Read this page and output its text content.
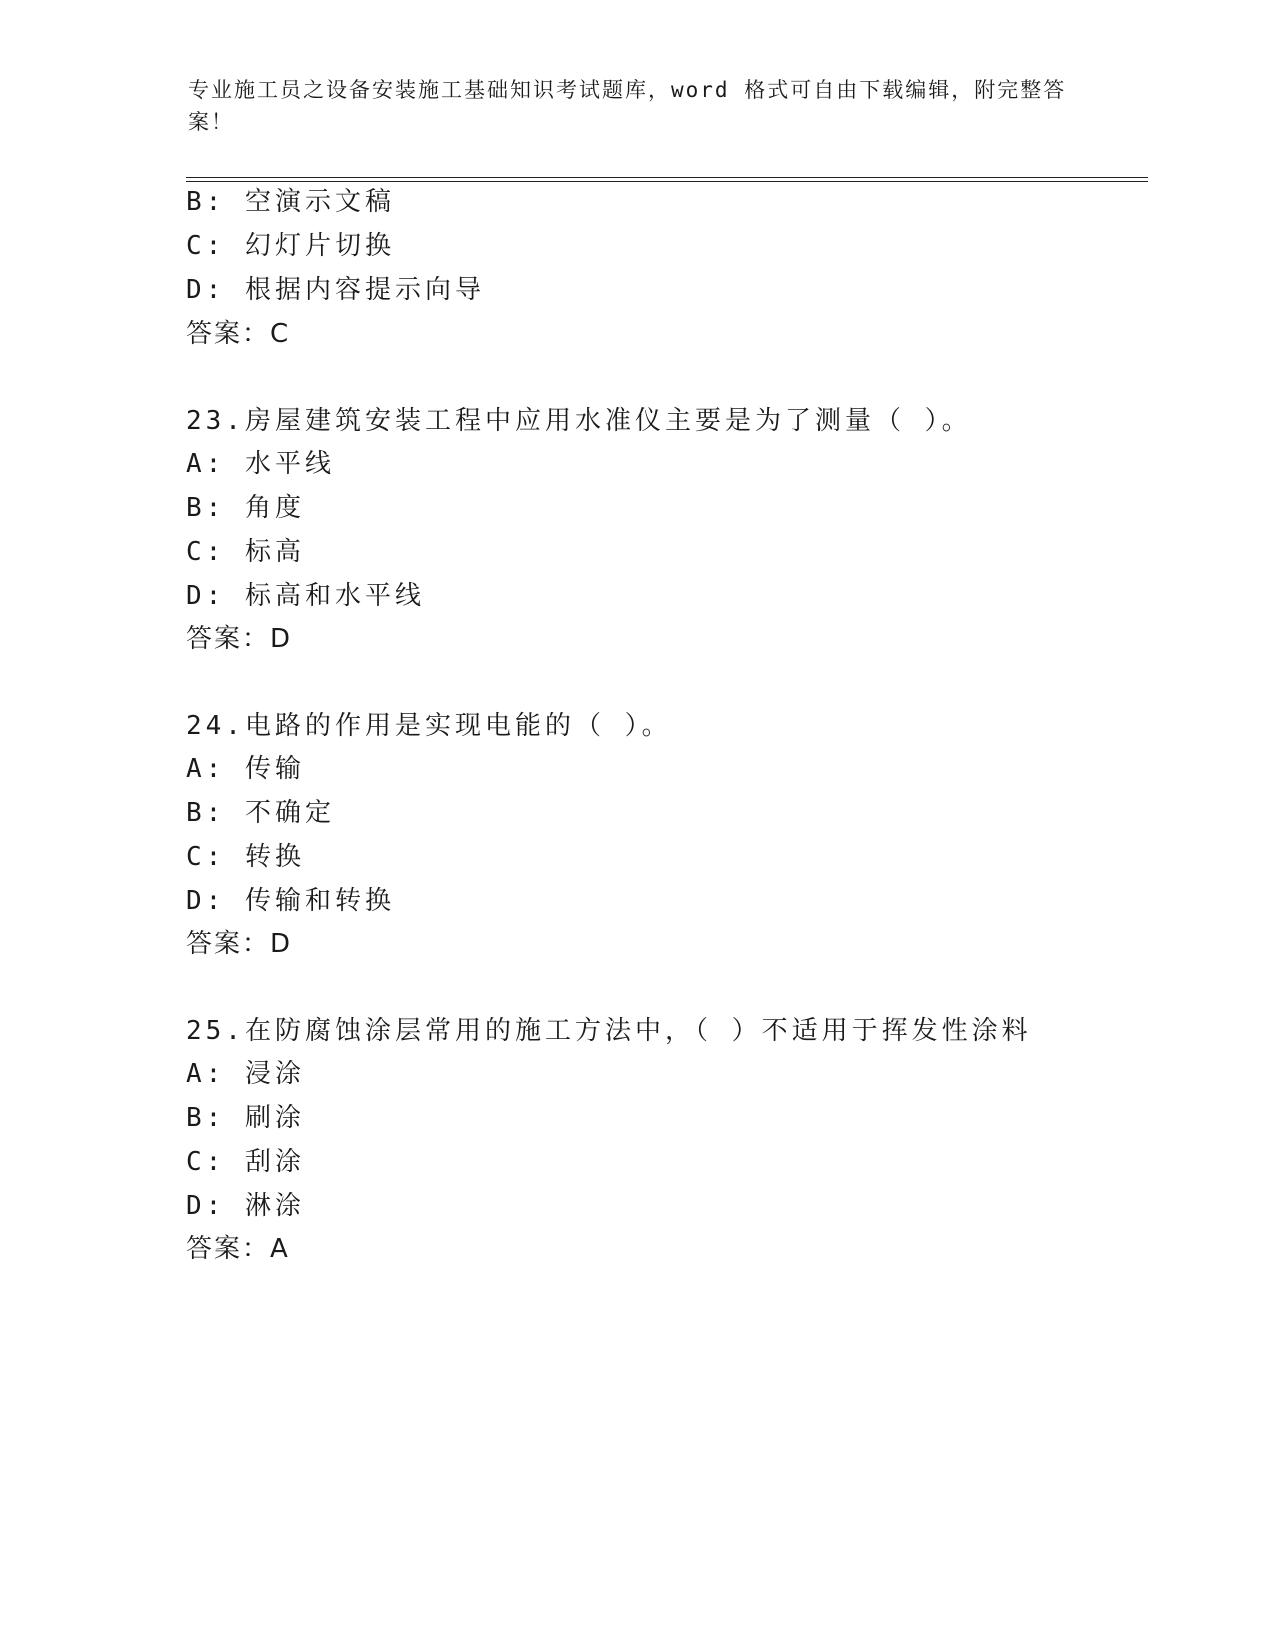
专业施工员之设备安装施工基础知识考试题库，word 格式可自由下载编辑，附完整答案！
B: 空演示文稿
C: 幻灯片切换
D: 根据内容提示向导
答案：C
23.房屋建筑安装工程中应用水准仪主要是为了测量（ ）。
A: 水平线
B: 角度
C: 标高
D: 标高和水平线
答案：D
24.电路的作用是实现电能的（ ）。
A: 传输
B: 不确定
C: 转换
D: 传输和转换
答案：D
25.在防腐蚀涂层常用的施工方法中，（ ）不适用于挥发性涂料
A: 浸涂
B: 刷涂
C: 刮涂
D: 淋涂
答案：A
